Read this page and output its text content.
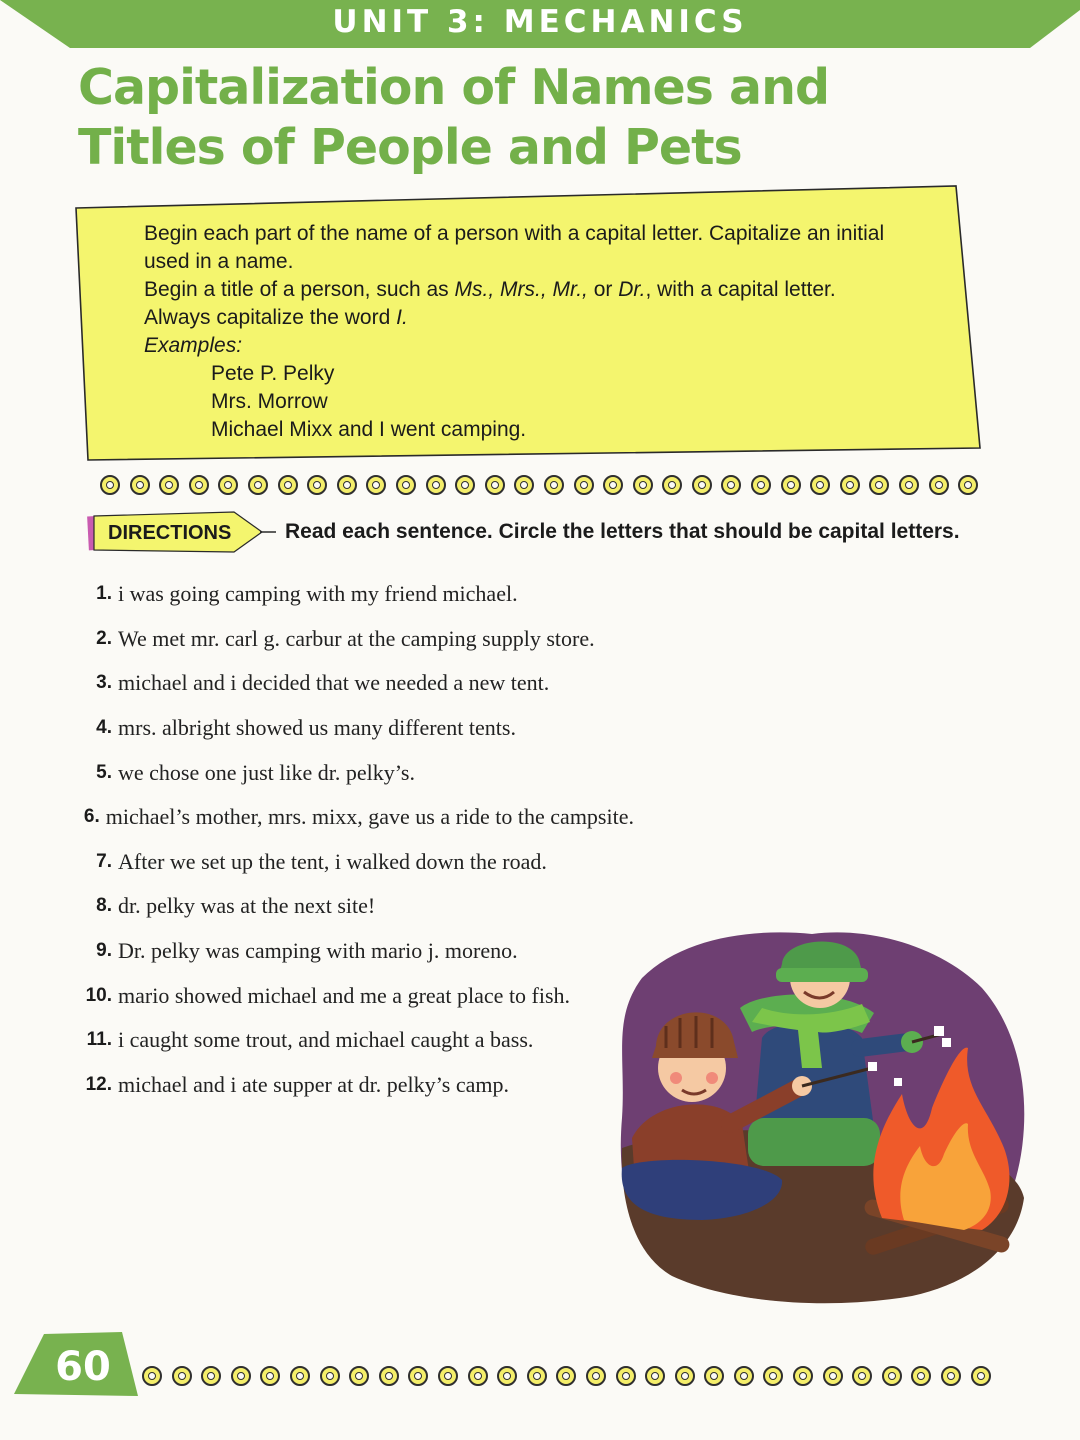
UNIT 3: MECHANICS
Capitalization of Names and
Titles of People and Pets

Begin each part of the name of a person with a capital letter. Capitalize an initial

used in a name.

Begin a title of a person, such as Ms., Mrs., Mr., or Dr., with a capital letter.

Always capitalize the word I.

Examples:

Pete P. Pelky

Mrs. Morrow

Michael Mixx and I went camping.

DIRECTIONS	Read each sentence. Circle the letters that should be capital letters.
1. i was going camping with my friend michael.
2. We met mr. carl g. carbur at the camping supply store.
3. michael and i decided that we needed a new tent.
4. mrs. albright showed us many different tents.
5. we chose one just like dr. pelky’s.
6. michael’s mother, mrs. mixx, gave us a ride to the campsite.
7. After we set up the tent, i walked down the road.
8. dr. pelky was at the next site!
9. Dr. pelky was camping with mario j. moreno.
10. mario showed michael and me a great place to fish.
11. i caught some trout, and michael caught a bass.
12. michael and i ate supper at dr. pelky’s camp.
60
